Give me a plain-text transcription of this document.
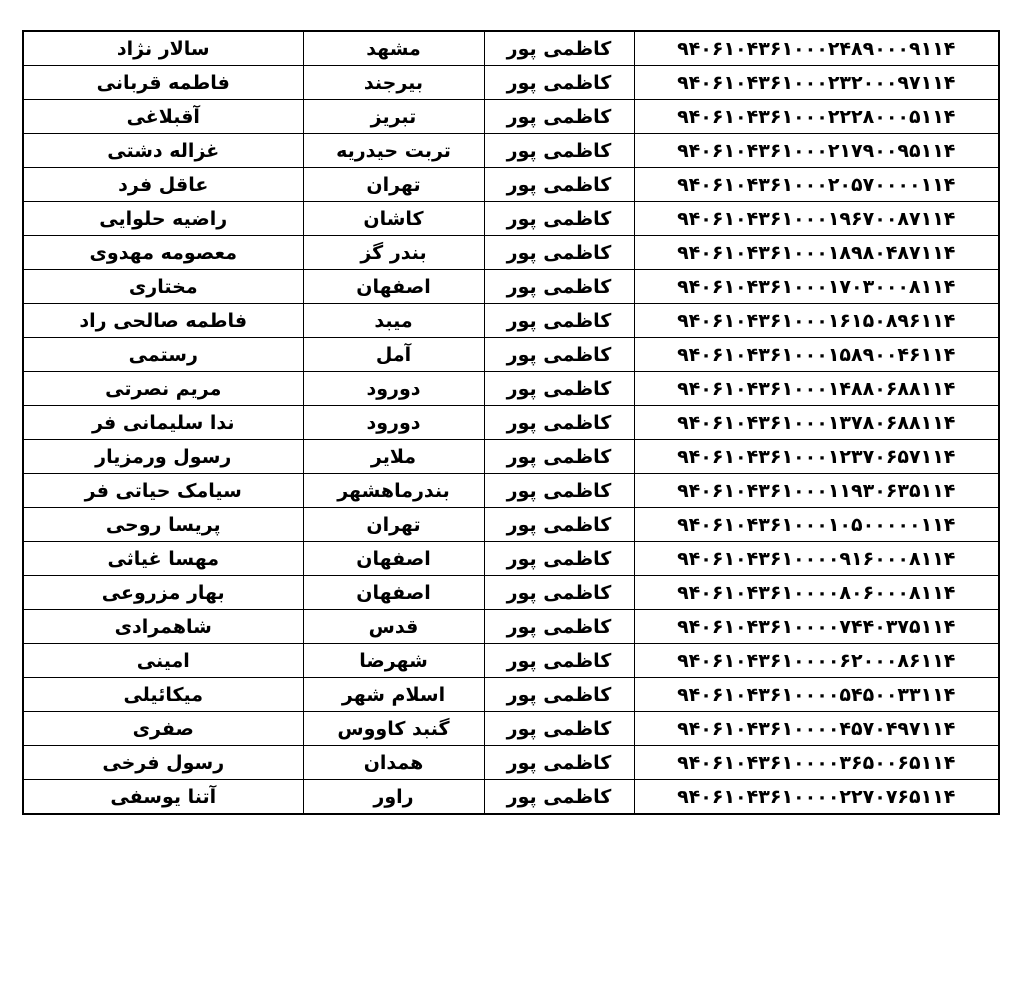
سالار نژاد	مشهد	کاظمی پور	۹۴۰۶۱۰۴۳۶۱۰۰۰۲۴۸۹۰۰۰۹۱۱۴
فاطمه قربانی	بیرجند	کاظمی پور	۹۴۰۶۱۰۴۳۶۱۰۰۰۲۳۲۰۰۰۹۷۱۱۴
آقبلاغی	تبریز	کاظمی پور	۹۴۰۶۱۰۴۳۶۱۰۰۰۲۲۲۸۰۰۰۵۱۱۴
غزاله دشتی	تربت حیدریه	کاظمی پور	۹۴۰۶۱۰۴۳۶۱۰۰۰۲۱۷۹۰۰۹۵۱۱۴
عاقل فرد	تهران	کاظمی پور	۹۴۰۶۱۰۴۳۶۱۰۰۰۲۰۵۷۰۰۰۰۱۱۴
راضیه حلوایی	کاشان	کاظمی پور	۹۴۰۶۱۰۴۳۶۱۰۰۰۱۹۶۷۰۰۸۷۱۱۴
معصومه مهدوی	بندر گز	کاظمی پور	۹۴۰۶۱۰۴۳۶۱۰۰۰۱۸۹۸۰۴۸۷۱۱۴
مختاری	اصفهان	کاظمی پور	۹۴۰۶۱۰۴۳۶۱۰۰۰۱۷۰۳۰۰۰۸۱۱۴
فاطمه صالحی راد	میبد	کاظمی پور	۹۴۰۶۱۰۴۳۶۱۰۰۰۱۶۱۵۰۸۹۶۱۱۴
رستمی	آمل	کاظمی پور	۹۴۰۶۱۰۴۳۶۱۰۰۰۱۵۸۹۰۰۴۶۱۱۴
مریم نصرتی	دورود	کاظمی پور	۹۴۰۶۱۰۴۳۶۱۰۰۰۱۴۸۸۰۶۸۸۱۱۴
ندا سلیمانی فر	دورود	کاظمی پور	۹۴۰۶۱۰۴۳۶۱۰۰۰۱۳۷۸۰۶۸۸۱۱۴
رسول ورمزیار	ملایر	کاظمی پور	۹۴۰۶۱۰۴۳۶۱۰۰۰۱۲۳۷۰۶۵۷۱۱۴
سیامک حیاتی فر	بندرماهشهر	کاظمی پور	۹۴۰۶۱۰۴۳۶۱۰۰۰۱۱۹۳۰۶۳۵۱۱۴
پریسا روحی	تهران	کاظمی پور	۹۴۰۶۱۰۴۳۶۱۰۰۰۱۰۵۰۰۰۰۰۱۱۴
مهسا غیاثی	اصفهان	کاظمی پور	۹۴۰۶۱۰۴۳۶۱۰۰۰۰۹۱۶۰۰۰۸۱۱۴
بهار مزروعی	اصفهان	کاظمی پور	۹۴۰۶۱۰۴۳۶۱۰۰۰۰۸۰۶۰۰۰۸۱۱۴
شاهمرادی	قدس	کاظمی پور	۹۴۰۶۱۰۴۳۶۱۰۰۰۰۷۴۴۰۳۷۵۱۱۴
امینی	شهرضا	کاظمی پور	۹۴۰۶۱۰۴۳۶۱۰۰۰۰۶۲۰۰۰۸۶۱۱۴
میکائیلی	اسلام شهر	کاظمی پور	۹۴۰۶۱۰۴۳۶۱۰۰۰۰۵۴۵۰۰۳۳۱۱۴
صفری	گنبد کاووس	کاظمی پور	۹۴۰۶۱۰۴۳۶۱۰۰۰۰۴۵۷۰۴۹۷۱۱۴
رسول فرخی	همدان	کاظمی پور	۹۴۰۶۱۰۴۳۶۱۰۰۰۰۳۶۵۰۰۶۵۱۱۴
آتنا یوسفی	راور	کاظمی پور	۹۴۰۶۱۰۴۳۶۱۰۰۰۰۲۲۷۰۷۶۵۱۱۴
